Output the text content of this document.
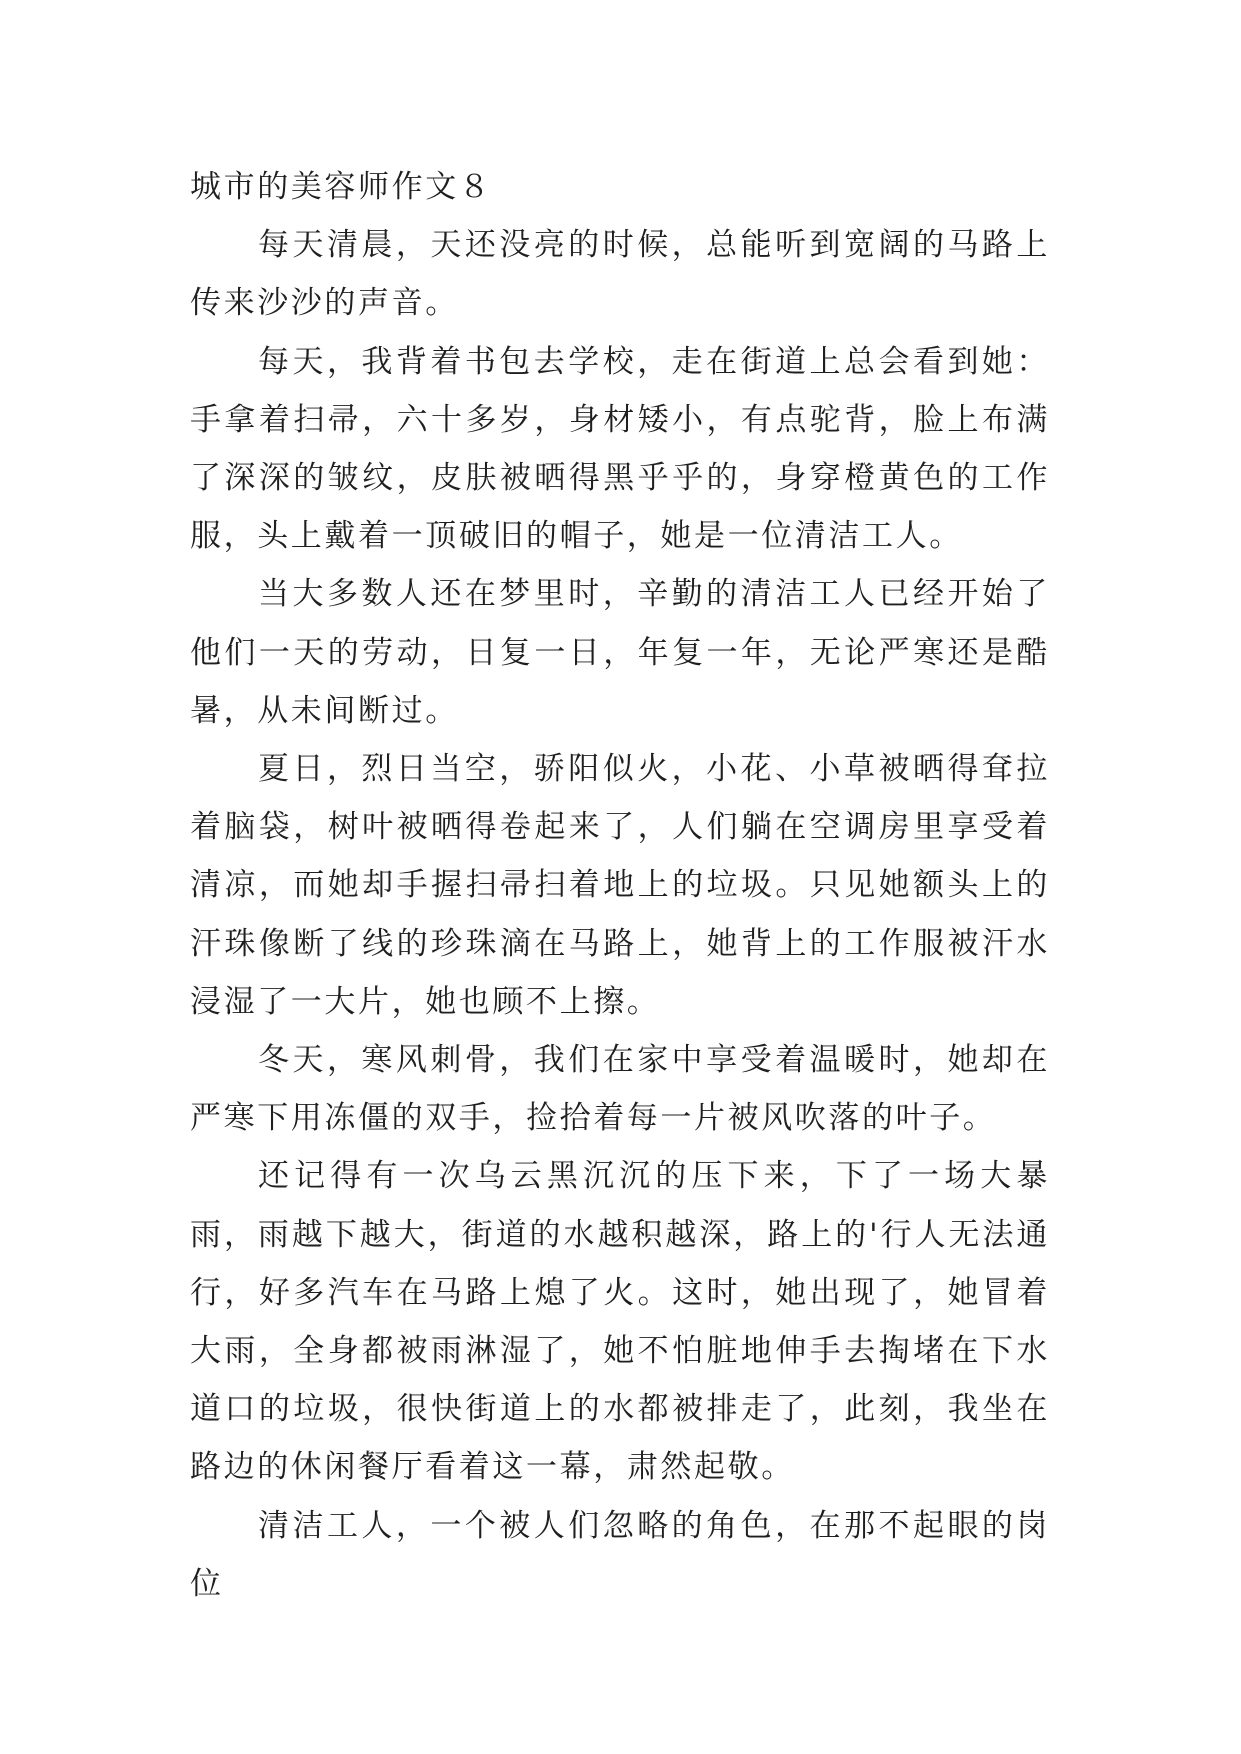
城市的美容师作文８

每天清晨，天还没亮的时候，总能听到宽阔的马路上传来沙沙的声音。

每天，我背着书包去学校，走在街道上总会看到她：手拿着扫帚，六十多岁，身材矮小，有点驼背，脸上布满了深深的皱纹，皮肤被晒得黑乎乎的，身穿橙黄色的工作服，头上戴着一顶破旧的帽子，她是一位清洁工人。

当大多数人还在梦里时，辛勤的清洁工人已经开始了他们一天的劳动，日复一日，年复一年，无论严寒还是酷暑，从未间断过。

夏日，烈日当空，骄阳似火，小花、小草被晒得耷拉着脑袋，树叶被晒得卷起来了，人们躺在空调房里享受着清凉，而她却手握扫帚扫着地上的垃圾。只见她额头上的汗珠像断了线的珍珠滴在马路上，她背上的工作服被汗水浸湿了一大片，她也顾不上擦。

冬天，寒风刺骨，我们在家中享受着温暖时，她却在严寒下用冻僵的双手，捡拾着每一片被风吹落的叶子。

还记得有一次乌云黑沉沉的压下来，下了一场大暴雨，雨越下越大，街道的水越积越深，路上的'行人无法通行，好多汽车在马路上熄了火。这时，她出现了，她冒着大雨，全身都被雨淋湿了，她不怕脏地伸手去掏堵在下水道口的垃圾，很快街道上的水都被排走了，此刻，我坐在路边的休闲餐厅看着这一幕，肃然起敬。

清洁工人，一个被人们忽略的角色，在那不起眼的岗位
